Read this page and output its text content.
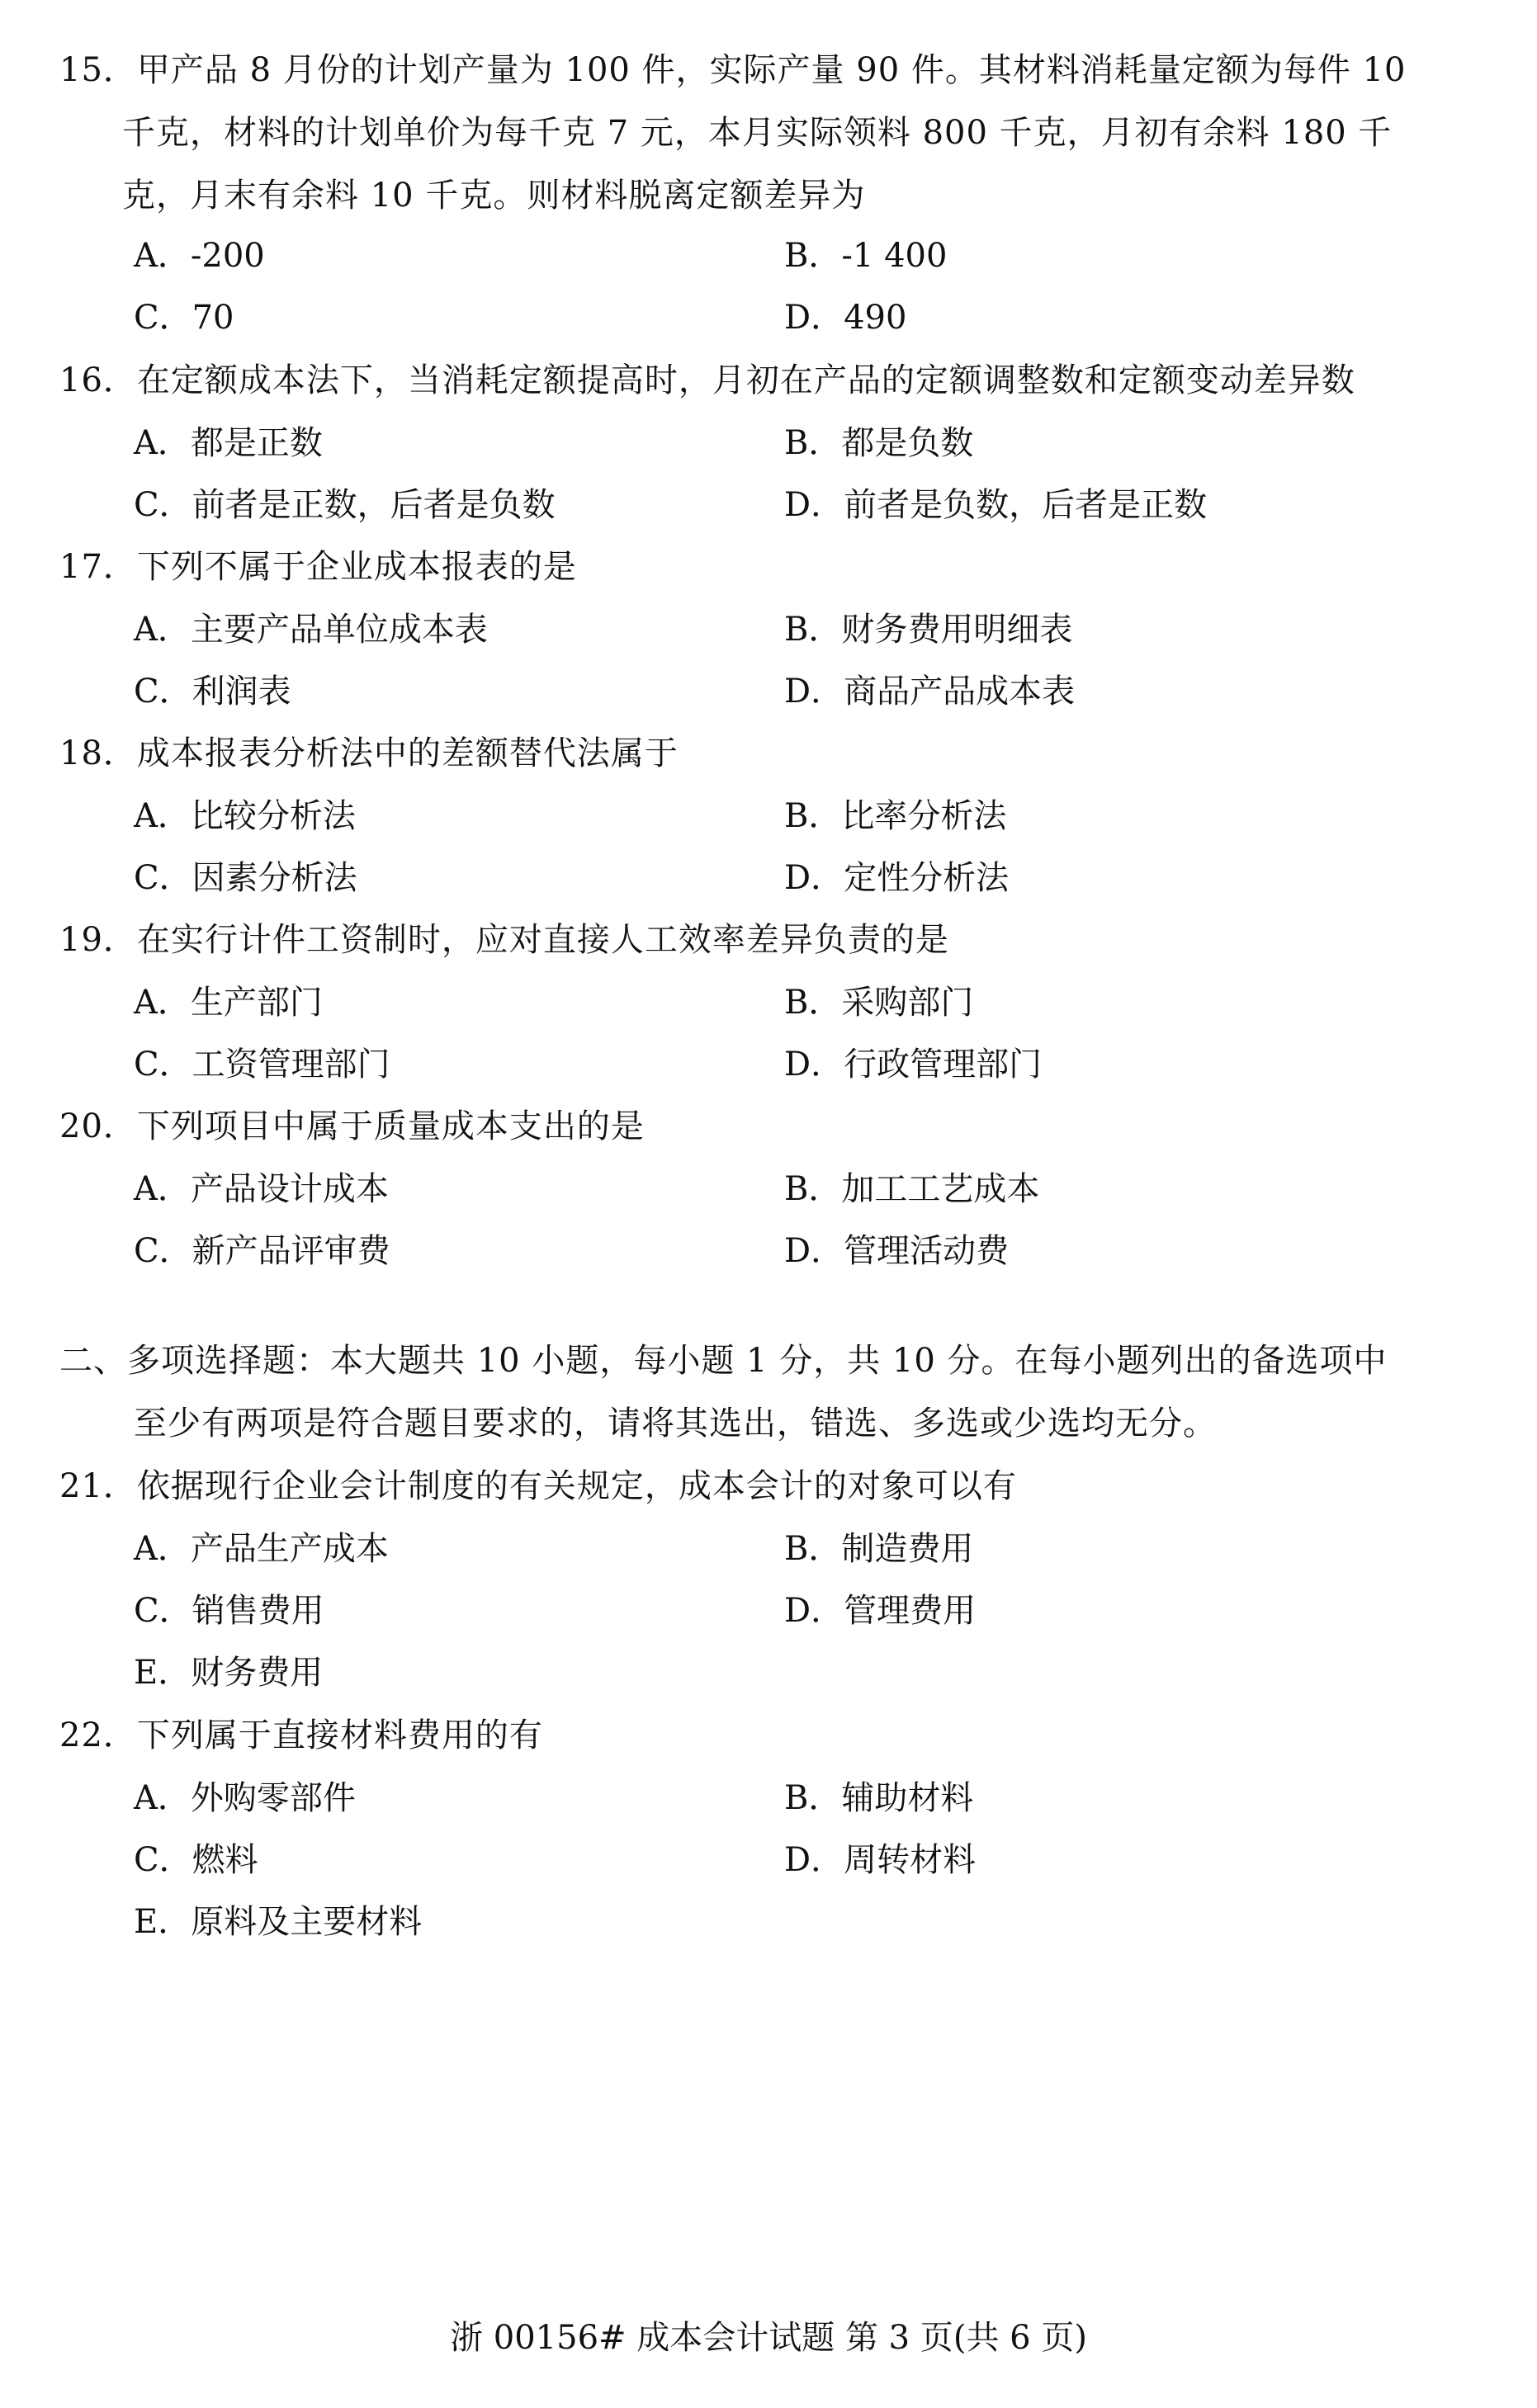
15．甲产品 8 月份的计划产量为 100 件，实际产量 90 件。其材料消耗量定额为每件 10
千克，材料的计划单价为每千克 7 元，本月实际领料 800 千克，月初有余料 180 千
克，月末有余料 10 千克。则材料脱离定额差异为
A．-200	B．-1 400
C．70	D．490
16．在定额成本法下，当消耗定额提高时，月初在产品的定额调整数和定额变动差异数
A．都是正数	B．都是负数
C．前者是正数，后者是负数	D．前者是负数，后者是正数
17．下列不属于企业成本报表的是
A．主要产品单位成本表	B．财务费用明细表
C．利润表	D．商品产品成本表
18．成本报表分析法中的差额替代法属于
A．比较分析法	B．比率分析法
C．因素分析法	D．定性分析法
19．在实行计件工资制时，应对直接人工效率差异负责的是
A．生产部门	B．采购部门
C．工资管理部门	D．行政管理部门
20．下列项目中属于质量成本支出的是
A．产品设计成本	B．加工工艺成本
C．新产品评审费	D．管理活动费
二、多项选择题：本大题共 10 小题，每小题 1 分，共 10 分。在每小题列出的备选项中
至少有两项是符合题目要求的，请将其选出，错选、多选或少选均无分。
21．依据现行企业会计制度的有关规定，成本会计的对象可以有
A．产品生产成本	B．制造费用
C．销售费用	D．管理费用
E．财务费用
22．下列属于直接材料费用的有
A．外购零部件	B．辅助材料
C．燃料	D．周转材料
E．原料及主要材料
浙 00156# 成本会计试题 第 3 页(共 6 页)
